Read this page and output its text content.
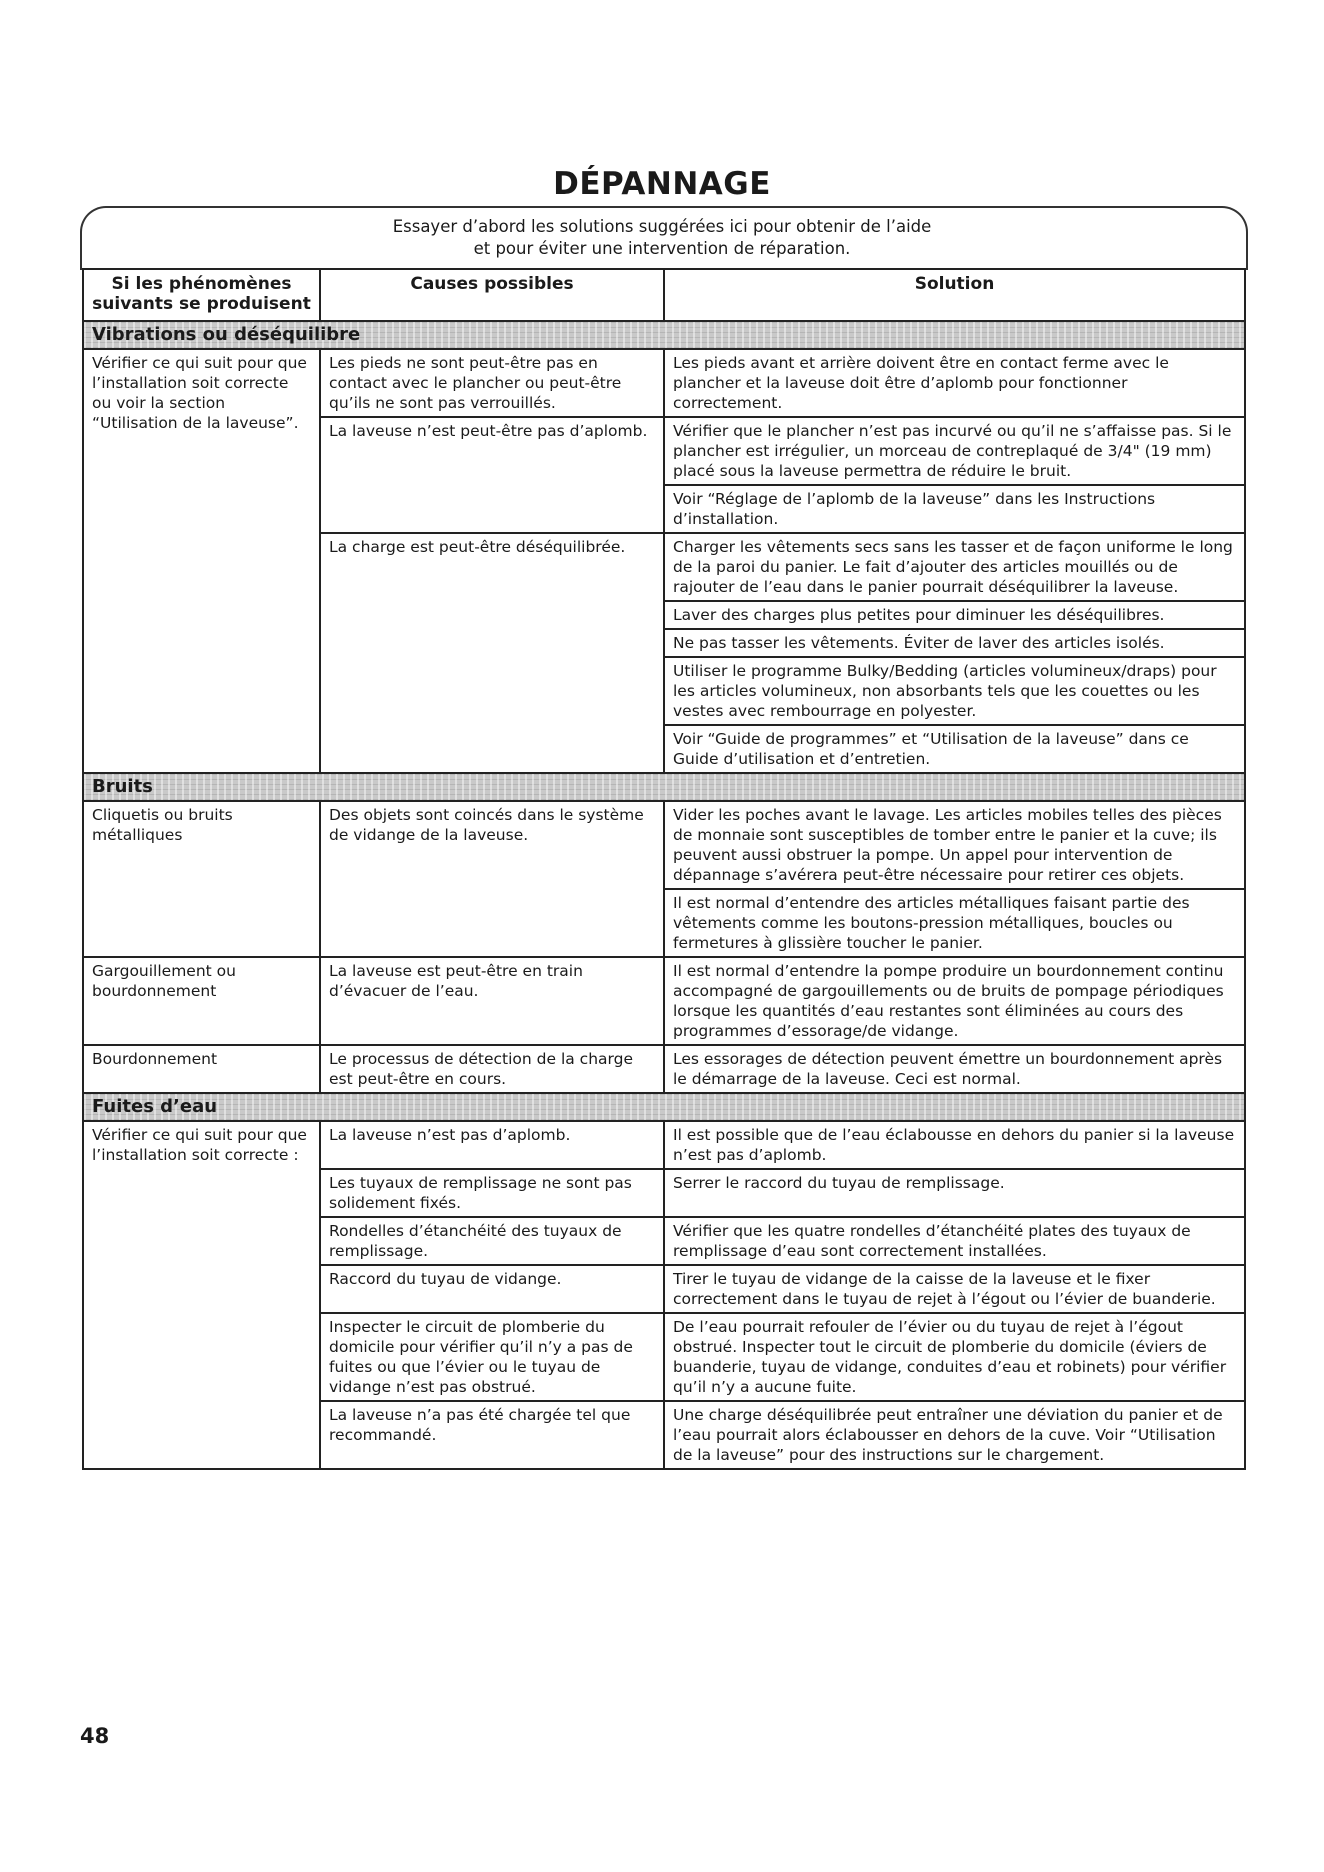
DÉPANNAGE
Essayer d’abord les solutions suggérées ici pour obtenir de l’aide
et pour éviter une intervention de réparation.
Si les phénomènes suivants se produisent	Causes possibles	Solution
Vibrations ou déséquilibre		
Vérifier ce qui suit pour que l’installation soit correcte ou voir la section “Utilisation de la laveuse”.	Les pieds ne sont peut-être pas en contact avec le plancher ou peut-être qu’ils ne sont pas verrouillés.	Les pieds avant et arrière doivent être en contact ferme avec le plancher et la laveuse doit être d’aplomb pour fonctionner correctement.
	La laveuse n’est peut-être pas d’aplomb.	Vérifier que le plancher n’est pas incurvé ou qu’il ne s’affaisse pas. Si le plancher est irrégulier, un morceau de contreplaqué de 3/4" (19 mm) placé sous la laveuse permettra de réduire le bruit.
		Voir “Réglage de l’aplomb de la laveuse” dans les Instructions d’installation.
	La charge est peut-être déséquilibrée.	Charger les vêtements secs sans les tasser et de façon uniforme le long de la paroi du panier. Le fait d’ajouter des articles mouillés ou de rajouter de l’eau dans le panier pourrait déséquilibrer la laveuse.
		Laver des charges plus petites pour diminuer les déséquilibres.
		Ne pas tasser les vêtements. Éviter de laver des articles isolés.
		Utiliser le programme Bulky/Bedding (articles volumineux/draps) pour les articles volumineux, non absorbants tels que les couettes ou les vestes avec rembourrage en polyester.
		Voir “Guide de programmes” et “Utilisation de la laveuse” dans ce Guide d’utilisation et d’entretien.
Bruits		
Cliquetis ou bruits métalliques	Des objets sont coincés dans le système de vidange de la laveuse.	Vider les poches avant le lavage. Les articles mobiles telles des pièces de monnaie sont susceptibles de tomber entre le panier et la cuve; ils peuvent aussi obstruer la pompe. Un appel pour intervention de dépannage s’avérera peut-être nécessaire pour retirer ces objets.
		Il est normal d’entendre des articles métalliques faisant partie des vêtements comme les boutons-pression métalliques, boucles ou fermetures à glissière toucher le panier.
Gargouillement ou bourdonnement	La laveuse est peut-être en train d’évacuer de l’eau.	Il est normal d’entendre la pompe produire un bourdonnement continu accompagné de gargouillements ou de bruits de pompage périodiques lorsque les quantités d’eau restantes sont éliminées au cours des programmes d’essorage/de vidange.
Bourdonnement	Le processus de détection de la charge est peut-être en cours.	Les essorages de détection peuvent émettre un bourdonnement après le démarrage de la laveuse. Ceci est normal.
Fuites d’eau		
Vérifier ce qui suit pour que l’installation soit correcte :	La laveuse n’est pas d’aplomb.	Il est possible que de l’eau éclabousse en dehors du panier si la laveuse n’est pas d’aplomb.
	Les tuyaux de remplissage ne sont pas solidement fixés.	Serrer le raccord du tuyau de remplissage.
	Rondelles d’étanchéité des tuyaux de remplissage.	Vérifier que les quatre rondelles d’étanchéité plates des tuyaux de remplissage d’eau sont correctement installées.
	Raccord du tuyau de vidange.	Tirer le tuyau de vidange de la caisse de la laveuse et le fixer correctement dans le tuyau de rejet à l’égout ou l’évier de buanderie.
	Inspecter le circuit de plomberie du domicile pour vérifier qu’il n’y a pas de fuites ou que l’évier ou le tuyau de vidange n’est pas obstrué.	De l’eau pourrait refouler de l’évier ou du tuyau de rejet à l’égout obstrué. Inspecter tout le circuit de plomberie du domicile (éviers de buanderie, tuyau de vidange, conduites d’eau et robinets) pour vérifier qu’il n’y a aucune fuite.
	La laveuse n’a pas été chargée tel que recommandé.	Une charge déséquilibrée peut entraîner une déviation du panier et de l’eau pourrait alors éclabousser en dehors de la cuve. Voir “Utilisation de la laveuse” pour des instructions sur le chargement.
48
